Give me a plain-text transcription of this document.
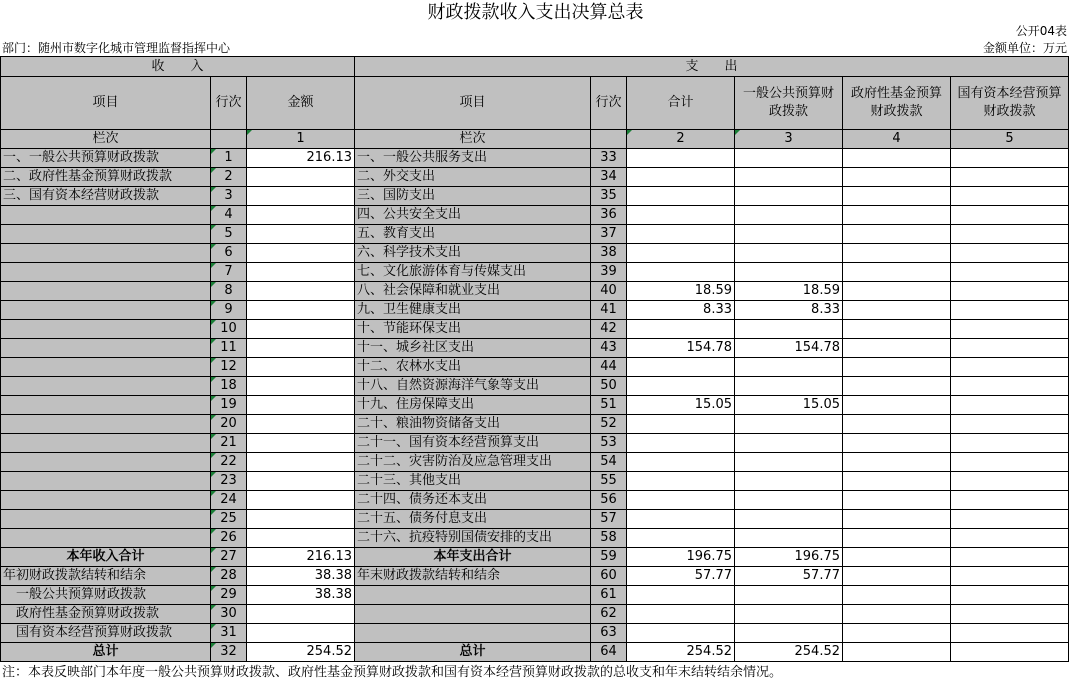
财政拨款收入支出决算总表
公开04表
部门：随州市数字化城市管理监督指挥中心	金额单位：万元
收　　入			支　　出					
项目	行次	金额	项目	行次	合计	一般公共预算财政拨款	政府性基金预算财政拨款	国有资本经营预算财政拨款
栏次		1	栏次		2	3	4	5
一、一般公共预算财政拨款	1	216.13	一、一般公共服务支出	33				
二、政府性基金预算财政拨款	2		二、外交支出	34				
三、国有资本经营财政拨款	3		三、国防支出	35				
	4		四、公共安全支出	36				
	5		五、教育支出	37				
	6		六、科学技术支出	38				
	7		七、文化旅游体育与传媒支出	39				
	8		八、社会保障和就业支出	40	18.59	18.59		
	9		九、卫生健康支出	41	8.33	8.33		
	10		十、节能环保支出	42				
	11		十一、城乡社区支出	43	154.78	154.78		
	12		十二、农林水支出	44				
	18		十八、自然资源海洋气象等支出	50				
	19		十九、住房保障支出	51	15.05	15.05		
	20		二十、粮油物资储备支出	52				
	21		二十一、国有资本经营预算支出	53				
	22		二十二、灾害防治及应急管理支出	54				
	23		二十三、其他支出	55				
	24		二十四、债务还本支出	56				
	25		二十五、债务付息支出	57				
	26		二十六、抗疫特别国债安排的支出	58				
本年收入合计	27	216.13	本年支出合计	59	196.75	196.75		
年初财政拨款结转和结余	28	38.38	年末财政拨款结转和结余	60	57.77	57.77		
　一般公共预算财政拨款	29	38.38		61				
　政府性基金预算财政拨款	30			62				
　国有资本经营预算财政拨款	31			63				
总计	32	254.52	总计	64	254.52	254.52		
注：本表反映部门本年度一般公共预算财政拨款、政府性基金预算财政拨款和国有资本经营预算财政拨款的总收支和年末结转结余情况。
